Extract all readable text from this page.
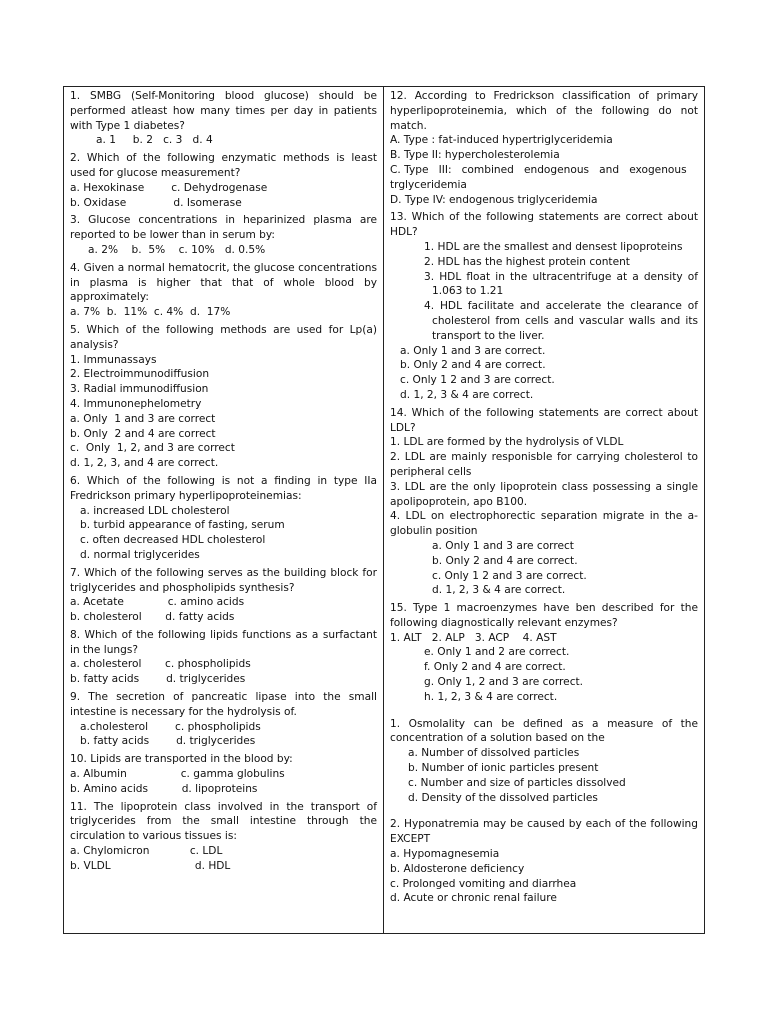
1. SMBG (Self-Monitoring blood glucose) should be performed atleast how many times per day in patients with Type 1 diabetes?
a. 1     b. 2   c. 3   d. 4
2. Which of the following enzymatic methods is least used for glucose measurement?
a. Hexokinase        c. Dehydrogenase
b. Oxidase              d. Isomerase
3. Glucose concentrations in heparinized plasma are reported to be lower than in serum by:
a. 2%    b.  5%    c. 10%   d. 0.5%
4. Given a normal hematocrit, the glucose concentrations in plasma is higher that that of whole blood by approximately:
a. 7%  b.  11%  c. 4%  d.  17%
5. Which of the following methods are used for Lp(a) analysis?
1. Immunassays
2. Electroimmunodiffusion
3. Radial immunodiffusion
4. Immunonephelometry
a. Only  1 and 3 are correct
b. Only  2 and 4 are correct
c.  Only  1, 2, and 3 are correct
d. 1, 2, 3, and 4 are correct.
6. Which of the following is not a finding in type IIa Fredrickson primary hyperlipoproteinemias:
a. increased LDL cholesterol
b. turbid appearance of fasting, serum
c. often decreased HDL cholesterol
d. normal triglycerides
7. Which of the following serves as the building block for triglycerides and phospholipids synthesis?
a. Acetate             c. amino acids
b. cholesterol       d. fatty acids
8. Which of the following lipids functions as a surfactant in the lungs?
a. cholesterol       c. phospholipids
b. fatty acids        d. triglycerides
9. The secretion of pancreatic lipase into the small intestine is necessary for the hydrolysis of.
a.cholesterol        c. phospholipids
b. fatty acids        d. triglycerides
10. Lipids are transported in the blood by:
a. Albumin                c. gamma globulins
b. Amino acids          d. lipoproteins
11. The lipoprotein class involved in the transport of triglycerides from the small intestine through the circulation to various tissues is:
a. Chylomicron            c. LDL
b. VLDL                         d. HDL
12. According to Fredrickson classification of primary hyperlipoproteinemia, which of the following do not match.
A. Type : fat-induced hypertriglyceridemia
B. Type II: hypercholesterolemia
C. Type   III:   combined   endogenous   and   exogenous
trglyceridemia
D. Type IV: endogenous triglyceridemia
13. Which of the following statements are correct about HDL?
1. HDL are the smallest and densest lipoproteins
2. HDL has the highest protein content
3. HDL float in the ultracentrifuge at a density of 1.063 to 1.21
4. HDL facilitate and accelerate the clearance of cholesterol from cells and vascular walls and its transport to the liver.
a. Only 1 and 3 are correct.
b. Only 2 and 4 are correct.
c. Only 1 2 and 3 are correct.
d. 1, 2, 3 & 4 are correct.
14. Which of the following statements are correct about LDL?
1. LDL are formed by the hydrolysis of VLDL
2. LDL are mainly responisble for carrying cholesterol to peripheral cells
3. LDL are the only lipoprotein class possessing a single apolipoprotein, apo B100.
4. LDL on electrophorectic separation migrate in the a-globulin position
a. Only 1 and 3 are correct
b. Only 2 and 4 are correct.
c. Only 1 2 and 3 are correct.
d. 1, 2, 3 & 4 are correct.
15. Type 1 macroenzymes have ben described for the following diagnostically relevant enzymes?
1. ALT   2. ALP   3. ACP    4. AST
e. Only 1 and 2 are correct.
f. Only 2 and 4 are correct.
g. Only 1, 2 and 3 are correct.
h. 1, 2, 3 & 4 are correct.
1. Osmolality can be defined as a measure of the concentration of a solution based on the
a. Number of dissolved particles
b. Number of ionic particles present
c. Number and size of particles dissolved
d. Density of the dissolved particles
2. Hyponatremia may be caused by each of the following EXCEPT
a. Hypomagnesemia
b. Aldosterone deficiency
c. Prolonged vomiting and diarrhea
d. Acute or chronic renal failure
